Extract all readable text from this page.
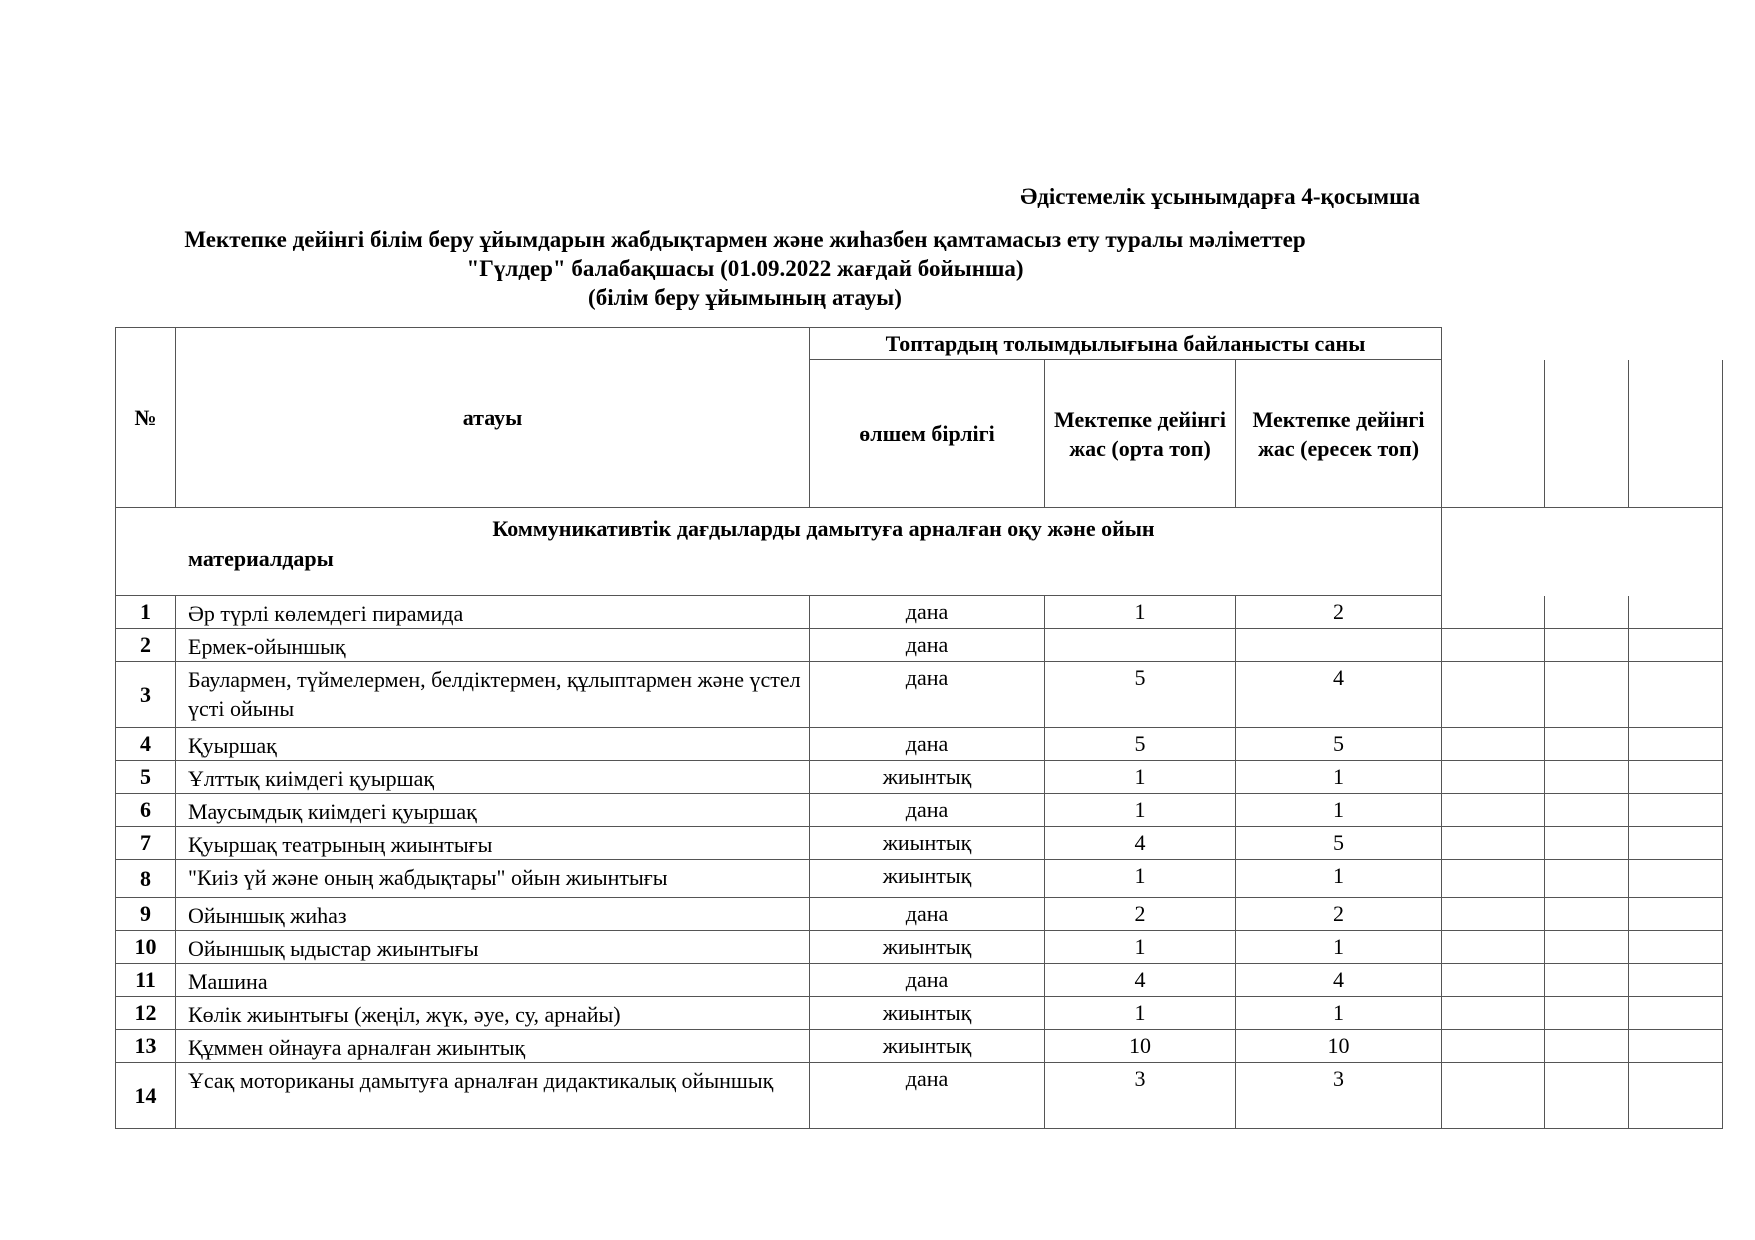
Әдістемелік ұсынымдарға 4-қосымша
Мектепке дейінгі білім беру ұйымдарын жабдықтармен және жиһазбен қамтамасыз ету туралы мәліметтер
"Гүлдер" балабақшасы (01.09.2022 жағдай бойынша)
(білім беру ұйымының атауы)
№	атауы	Топтардың толымдылығына байланысты саны					
		өлшем бірлігі	Мектепке дейінгі жас (орта топ)	Мектепке дейінгі жас (ересек топ)			

Коммуникативтік дағдыларды дамытуға арналған оқу және ойын
материалдары							

1	Әр түрлі көлемдегі пирамида	дана	1	2			
2	Ермек-ойыншық	дана					
3	Баулармен, түймелермен, белдіктермен, құлыптармен және үстел үсті ойыны	дана	5	4			
4	Қуыршақ	дана	5	5			
5	Ұлттық киімдегі қуыршақ	жиынтық	1	1			
6	Маусымдық киімдегі қуыршақ	дана	1	1			
7	Қуыршақ театрының жиынтығы	жиынтық	4	5			
8	"Киіз үй және оның жабдықтары" ойын жиынтығы	жиынтық	1	1			
9	Ойыншық жиһаз	дана	2	2			
10	Ойыншық ыдыстар жиынтығы	жиынтық	1	1			
11	Машина	дана	4	4			
12	Көлік жиынтығы (жеңіл, жүк, әуе, су, арнайы)	жиынтық	1	1			
13	Құммен ойнауға арналған жиынтық	жиынтық	10	10			
14	Ұсақ моториканы дамытуға арналған дидактикалық ойыншық	дана	3	3			
